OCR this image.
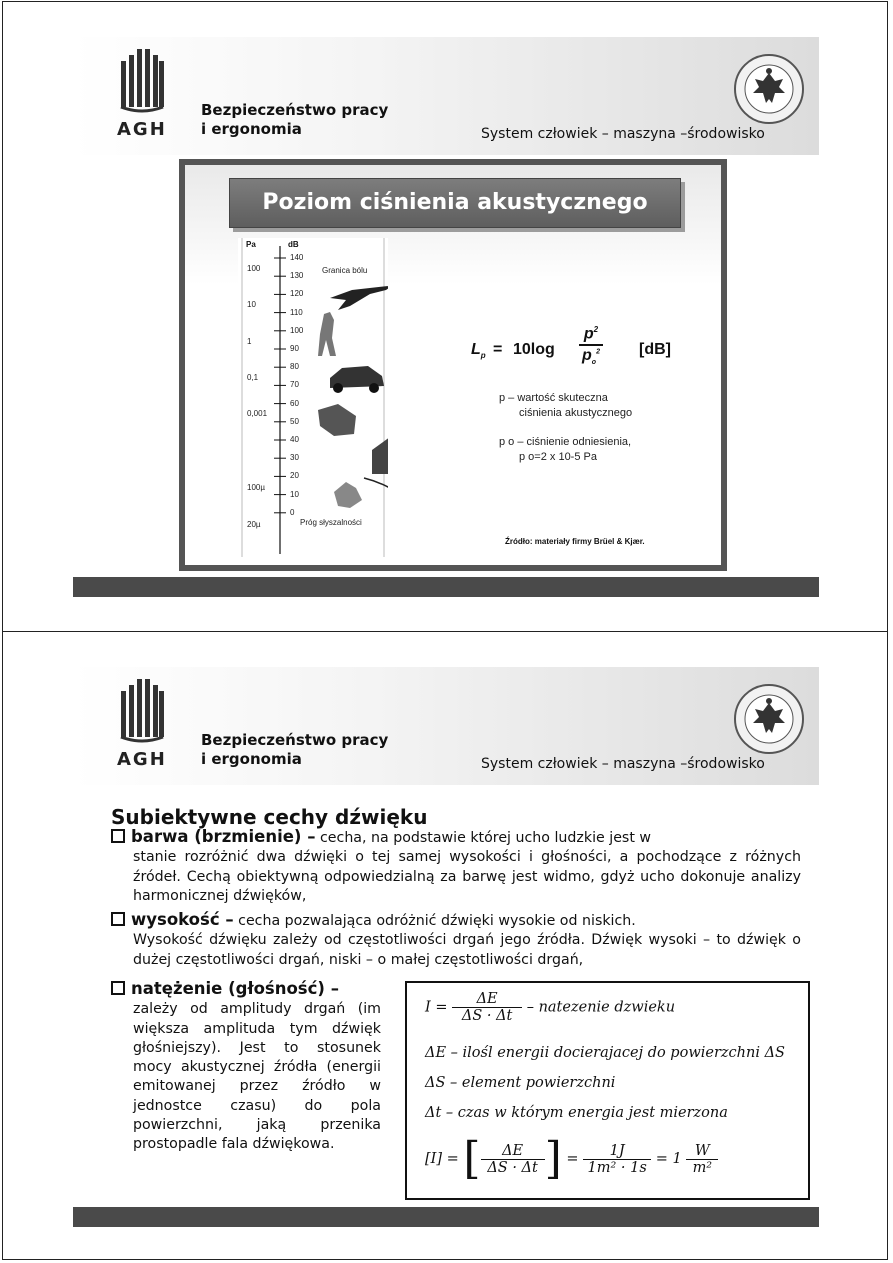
AGH
Bezpieczeństwo pracy
i ergonomia	System człowiek – maszyna –środowisko
Poziom ciśnienia akustycznego
Pa	dB
140
130
120
110
100
90
80
70
60
50
40
30
20
10
0
100
10
1
0,1
0,001
100µ
20µ
Granica bólu
Próg słyszalności
$L_p = 10\log$
$p^2$
$p_o^2$ [dB]
p – wartość skuteczna
ciśnienia akustycznego
p o – ciśnienie odniesienia,
p o=2 x 10-5 Pa
Źródło: materiały firmy Brüel & Kjær.
AGH
Bezpieczeństwo pracy
i ergonomia	System człowiek – maszyna –środowisko
Subiektywne cechy dźwięku
barwa (brzmienie) – cecha, na podstawie której ucho ludzkie jest w
stanie rozróżnić dwa dźwięki o tej samej wysokości i głośności, a pochodzące z różnych źródeł. Cechą obiektywną odpowiedzialną za barwę jest widmo, gdyż ucho dokonuje analizy harmonicznej dźwięków,
wysokość – cecha pozwalająca odróżnić dźwięki wysokie od niskich.
Wysokość dźwięku zależy od częstotliwości drgań jego źródła. Dźwięk wysoki – to dźwięk o dużej częstotliwości drgań, niski – o małej częstotliwości drgań,
natężenie (głośność) –
zależy od amplitudy drgań (im większa amplituda tym dźwięk głośniejszy). Jest to stosunek mocy akustycznej źródła (energii emitowanej przez źródło w jednostce czasu) do pola powierzchni, jaką przenika prostopadle fala dźwiękowa.
$I = \frac{\Delta E}{\Delta S \cdot \Delta t}$ – natezenie dzwieku
ΔE – ilośl energii docierajacej do powierzchni ΔS
ΔS – element powierzchni
Δt – czas w którym energia jest mierzona
[I] = [ $\frac{\Delta E}{\Delta S \cdot \Delta t}$ ] = $\frac{1J}{\text{1m² · 1s}} = 1 \frac{W}{\text{m²}}$
